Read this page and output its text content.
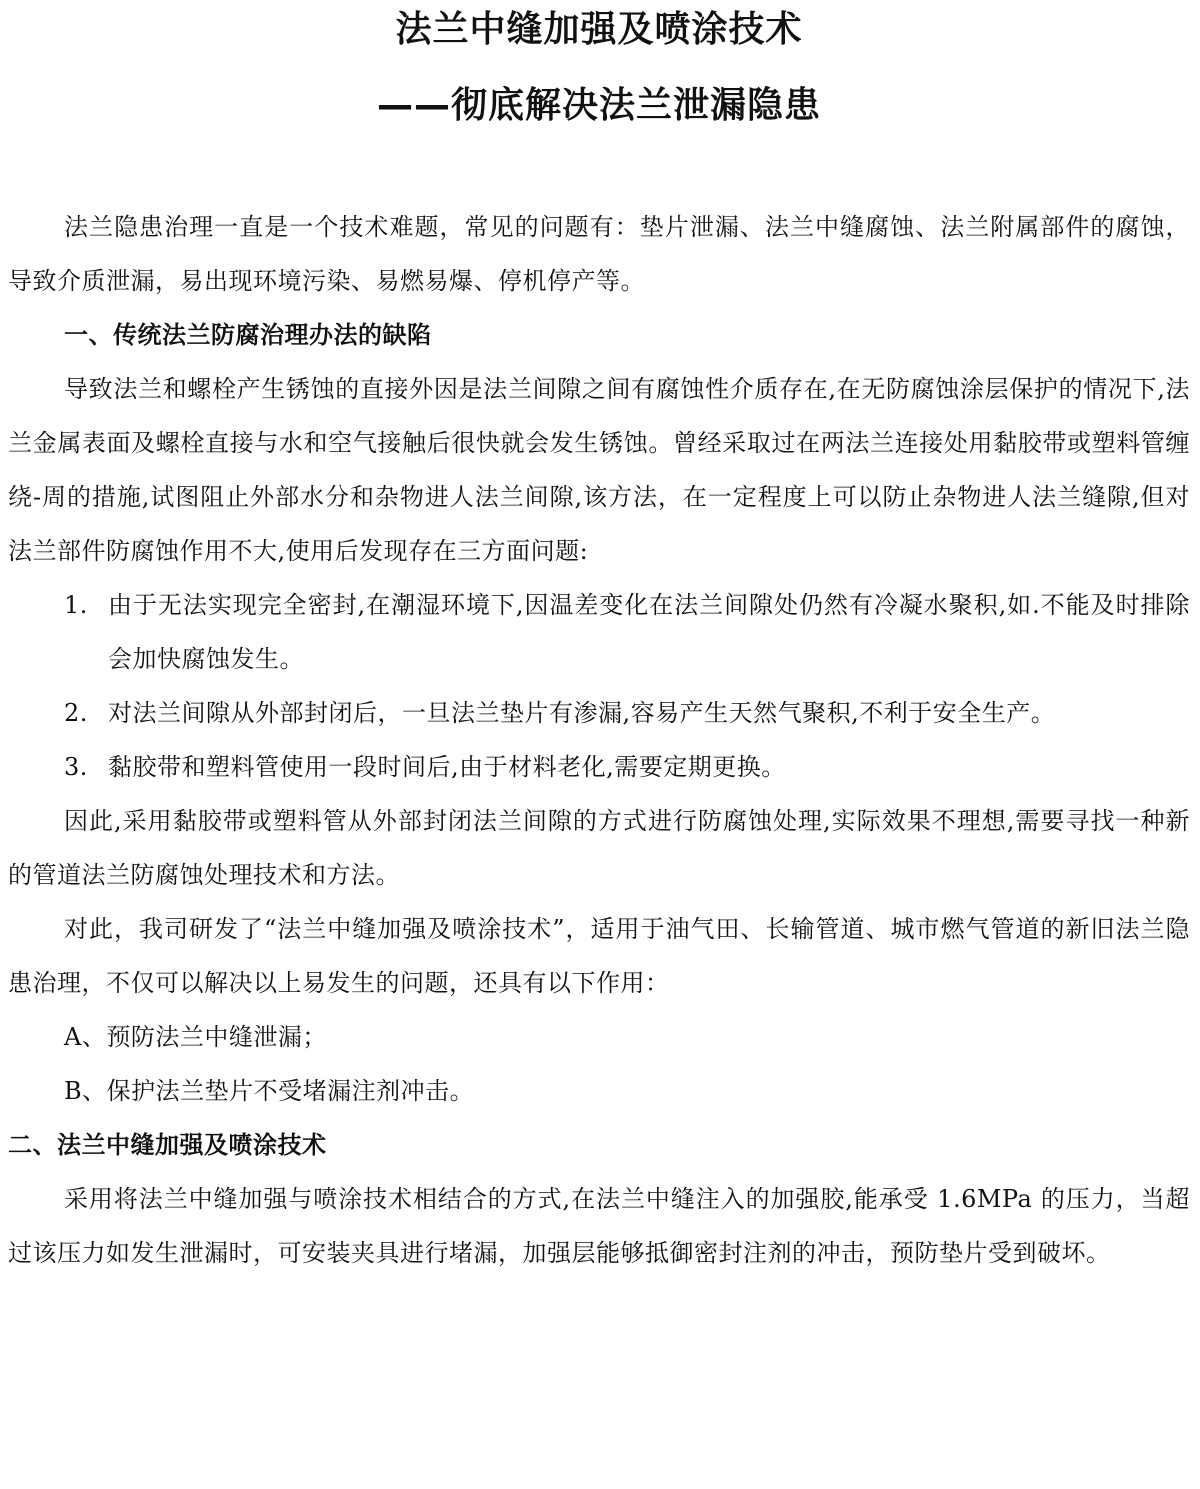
法兰中缝加强及喷涂技术
——彻底解决法兰泄漏隐患

法兰隐患治理一直是一个技术难题，常见的问题有：垫片泄漏、法兰中缝腐蚀、法兰附属部件的腐蚀，导致介质泄漏，易出现环境污染、易燃易爆、停机停产等。

一、传统法兰防腐治理办法的缺陷

导致法兰和螺栓产生锈蚀的直接外因是法兰间隙之间有腐蚀性介质存在,在无防腐蚀涂层保护的情况下,法兰金属表面及螺栓直接与水和空气接触后很快就会发生锈蚀。曾经采取过在两法兰连接处用黏胶带或塑料管缠绕-周的措施,试图阻止外部水分和杂物进人法兰间隙,该方法，在一定程度上可以防止杂物进人法兰缝隙,但对法兰部件防腐蚀作用不大,使用后发现存在三方面问题:

1. 由于无法实现完全密封,在潮湿环境下,因温差变化在法兰间隙处仍然有冷凝水聚积,如.不能及时排除会加快腐蚀发生。

2. 对法兰间隙从外部封闭后，一旦法兰垫片有渗漏,容易产生天然气聚积,不利于安全生产。

3. 黏胶带和塑料管使用一段时间后,由于材料老化,需要定期更换。

因此,采用黏胶带或塑料管从外部封闭法兰间隙的方式进行防腐蚀处理,实际效果不理想,需要寻找一种新的管道法兰防腐蚀处理技术和方法。

对此，我司研发了“法兰中缝加强及喷涂技术”，适用于油气田、长输管道、城市燃气管道的新旧法兰隐患治理，不仅可以解决以上易发生的问题，还具有以下作用：

A、预防法兰中缝泄漏；

B、保护法兰垫片不受堵漏注剂冲击。

二、法兰中缝加强及喷涂技术

采用将法兰中缝加强与喷涂技术相结合的方式,在法兰中缝注入的加强胶,能承受 1.6MPa 的压力，当超过该压力如发生泄漏时，可安装夹具进行堵漏，加强层能够抵御密封注剂的冲击，预防垫片受到破坏。
